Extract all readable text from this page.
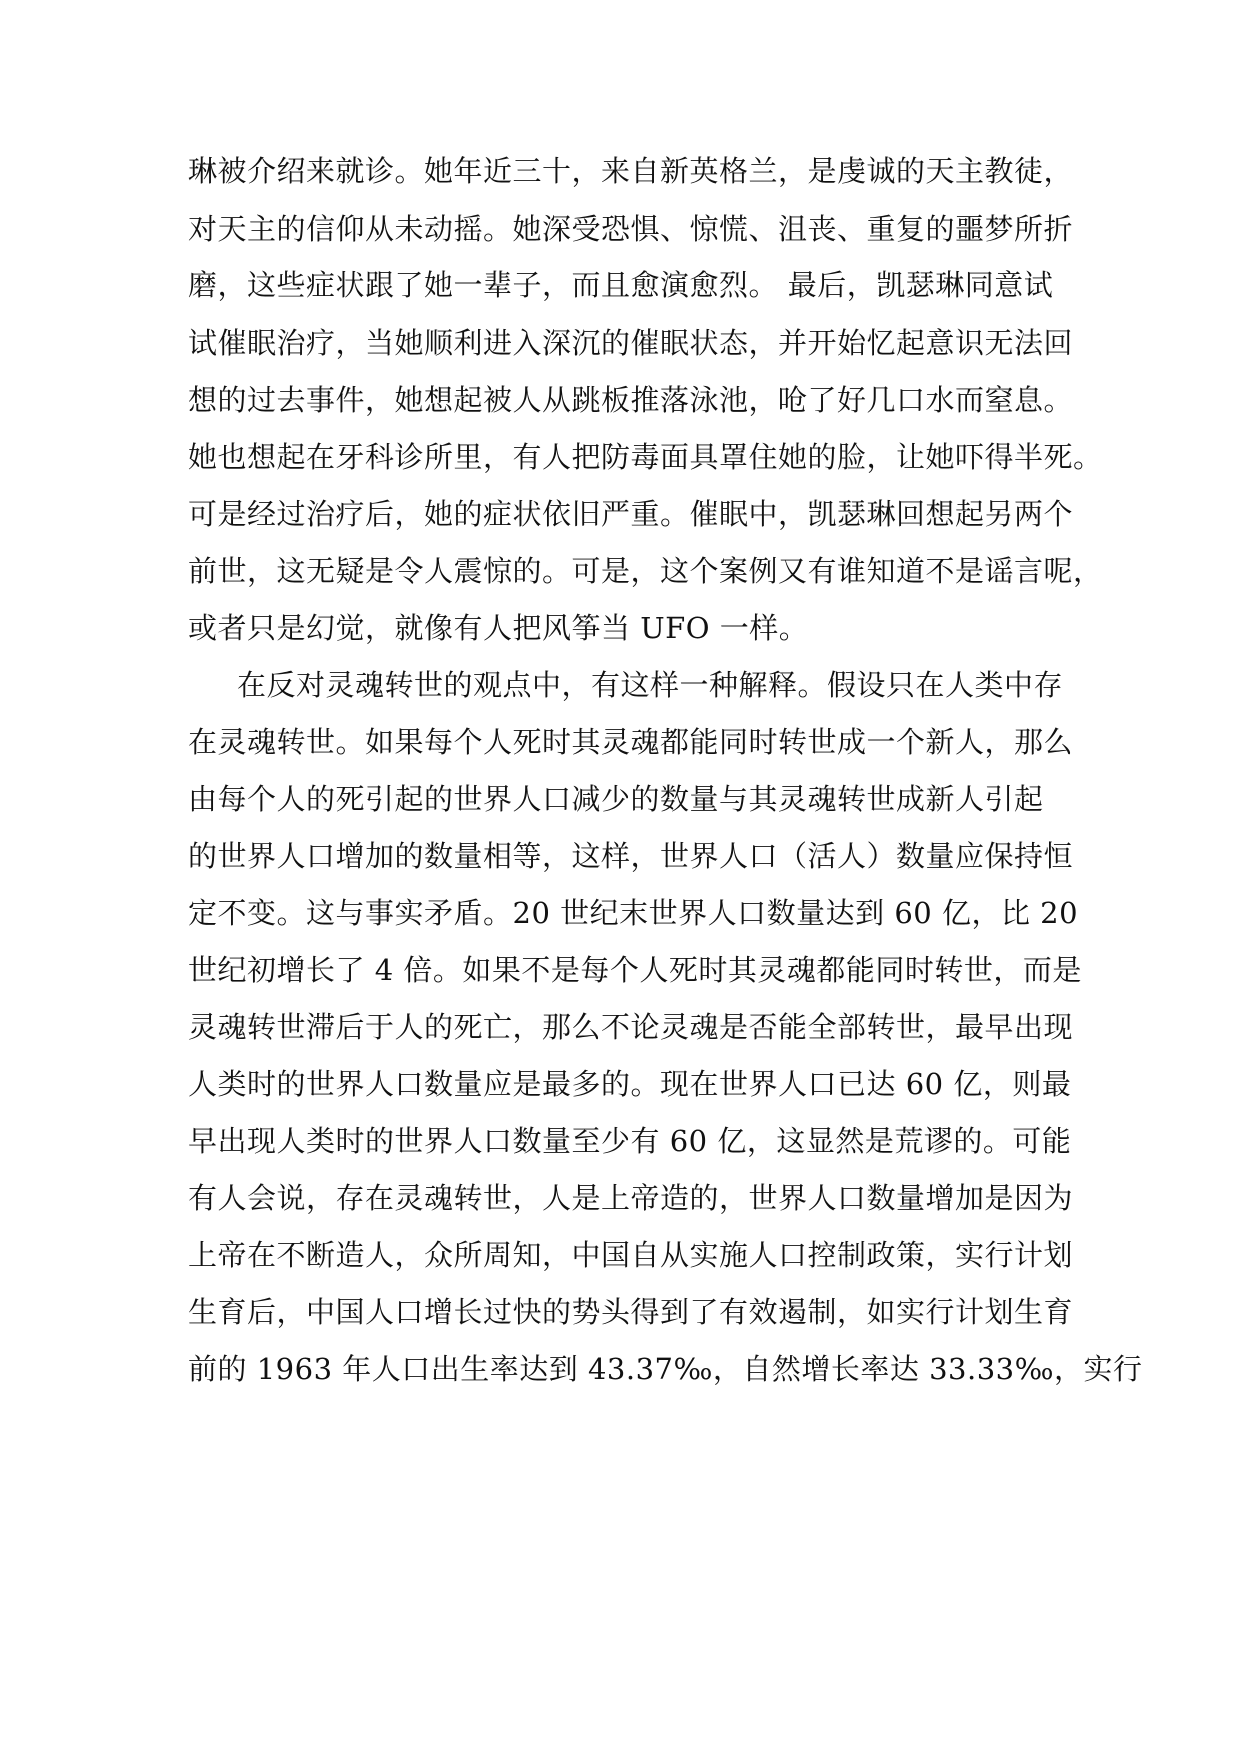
琳被介绍来就诊。她年近三十，来自新英格兰，是虔诚的天主教徒，
对天主的信仰从未动摇。她深受恐惧、惊慌、沮丧、重复的噩梦所折
磨，这些症状跟了她一辈子，而且愈演愈烈。 最后，凯瑟琳同意试
试催眠治疗，当她顺利进入深沉的催眠状态，并开始忆起意识无法回
想的过去事件，她想起被人从跳板推落泳池，呛了好几口水而窒息。
她也想起在牙科诊所里，有人把防毒面具罩住她的脸，让她吓得半死。
可是经过治疗后，她的症状依旧严重。催眠中，凯瑟琳回想起另两个
前世，这无疑是令人震惊的。可是，这个案例又有谁知道不是谣言呢，
或者只是幻觉，就像有人把风筝当 UFO 一样。
在反对灵魂转世的观点中，有这样一种解释。假设只在人类中存
在灵魂转世。如果每个人死时其灵魂都能同时转世成一个新人，那么
由每个人的死引起的世界人口减少的数量与其灵魂转世成新人引起
的世界人口增加的数量相等，这样，世界人口（活人）数量应保持恒
定不变。这与事实矛盾。20 世纪末世界人口数量达到 60 亿，比 20
世纪初增长了 4 倍。如果不是每个人死时其灵魂都能同时转世，而是
灵魂转世滞后于人的死亡，那么不论灵魂是否能全部转世，最早出现
人类时的世界人口数量应是最多的。现在世界人口已达 60 亿，则最
早出现人类时的世界人口数量至少有 60 亿，这显然是荒谬的。可能
有人会说，存在灵魂转世，人是上帝造的，世界人口数量增加是因为
上帝在不断造人，众所周知，中国自从实施人口控制政策，实行计划
生育后，中国人口增长过快的势头得到了有效遏制，如实行计划生育
前的 1963 年人口出生率达到 43.37‰，自然增长率达 33.33‰，实行
